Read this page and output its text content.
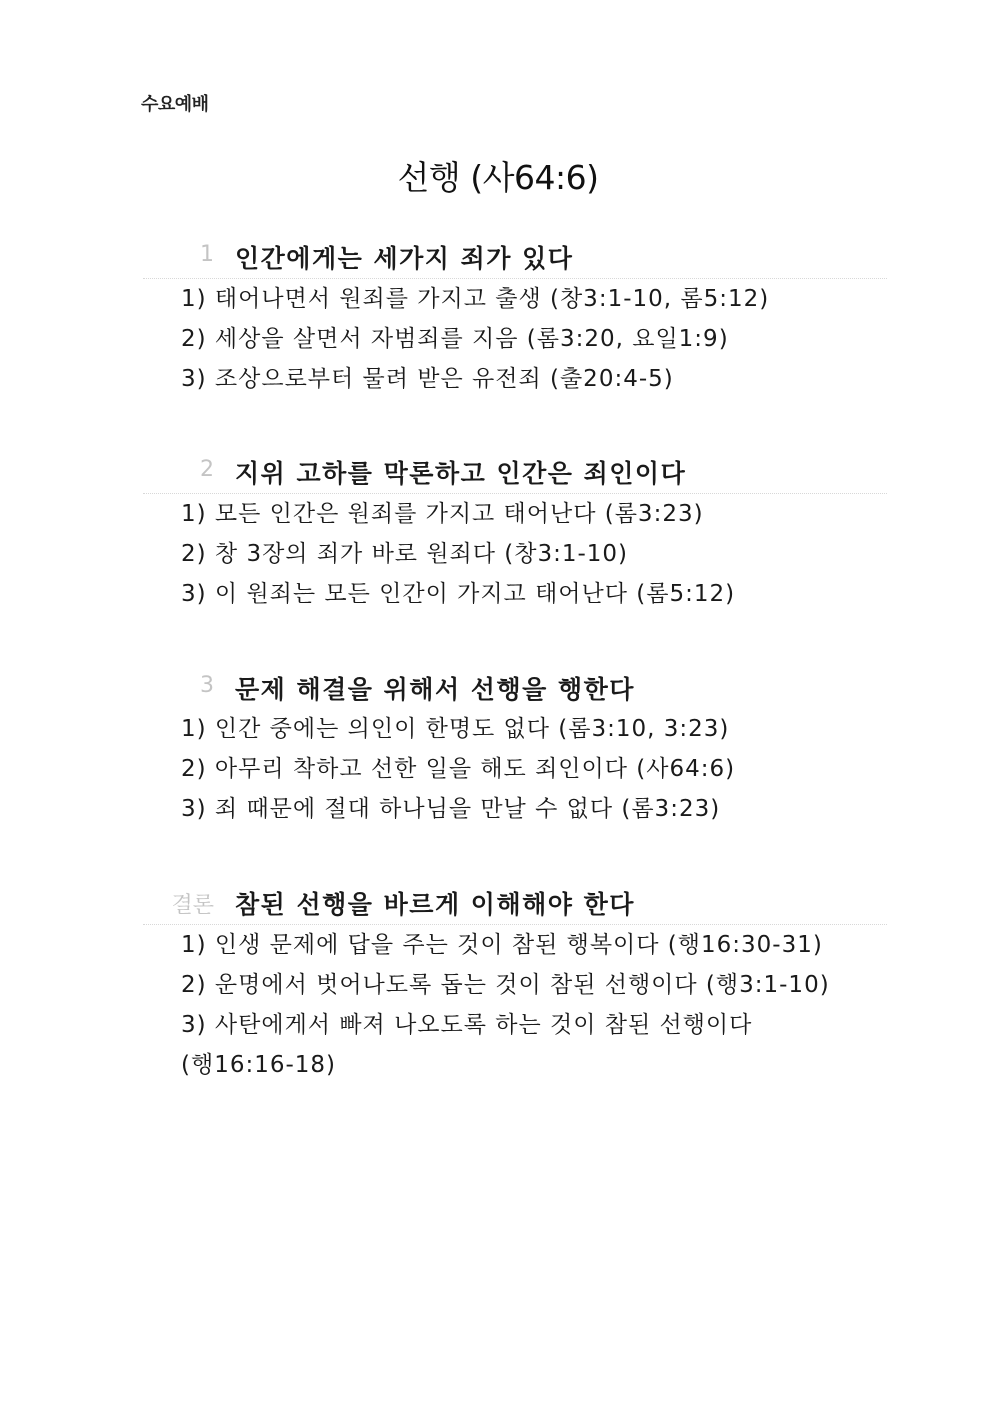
수요예배
선행 (사64:6)
1 인간에게는 세가지 죄가 있다
1) 태어나면서 원죄를 가지고 출생 (창3:1-10, 롬5:12)
2) 세상을 살면서 자범죄를 지음 (롬3:20, 요일1:9)
3) 조상으로부터 물려 받은 유전죄 (출20:4-5)
2 지위 고하를 막론하고 인간은 죄인이다
1) 모든 인간은 원죄를 가지고 태어난다 (롬3:23)
2) 창 3장의 죄가 바로 원죄다 (창3:1-10)
3) 이 원죄는 모든 인간이 가지고 태어난다 (롬5:12)
3 문제 해결을 위해서 선행을 행한다
1) 인간 중에는 의인이 한명도 없다 (롬3:10, 3:23)
2) 아무리 착하고 선한 일을 해도 죄인이다 (사64:6)
3) 죄 때문에 절대 하나님을 만날 수 없다 (롬3:23)
결론 참된 선행을 바르게 이해해야 한다
1) 인생 문제에 답을 주는 것이 참된 행복이다 (행16:30-31)
2) 운명에서 벗어나도록 돕는 것이 참된 선행이다 (행3:1-10)
3) 사탄에게서 빠져 나오도록 하는 것이 참된 선행이다
(행16:16-18)
